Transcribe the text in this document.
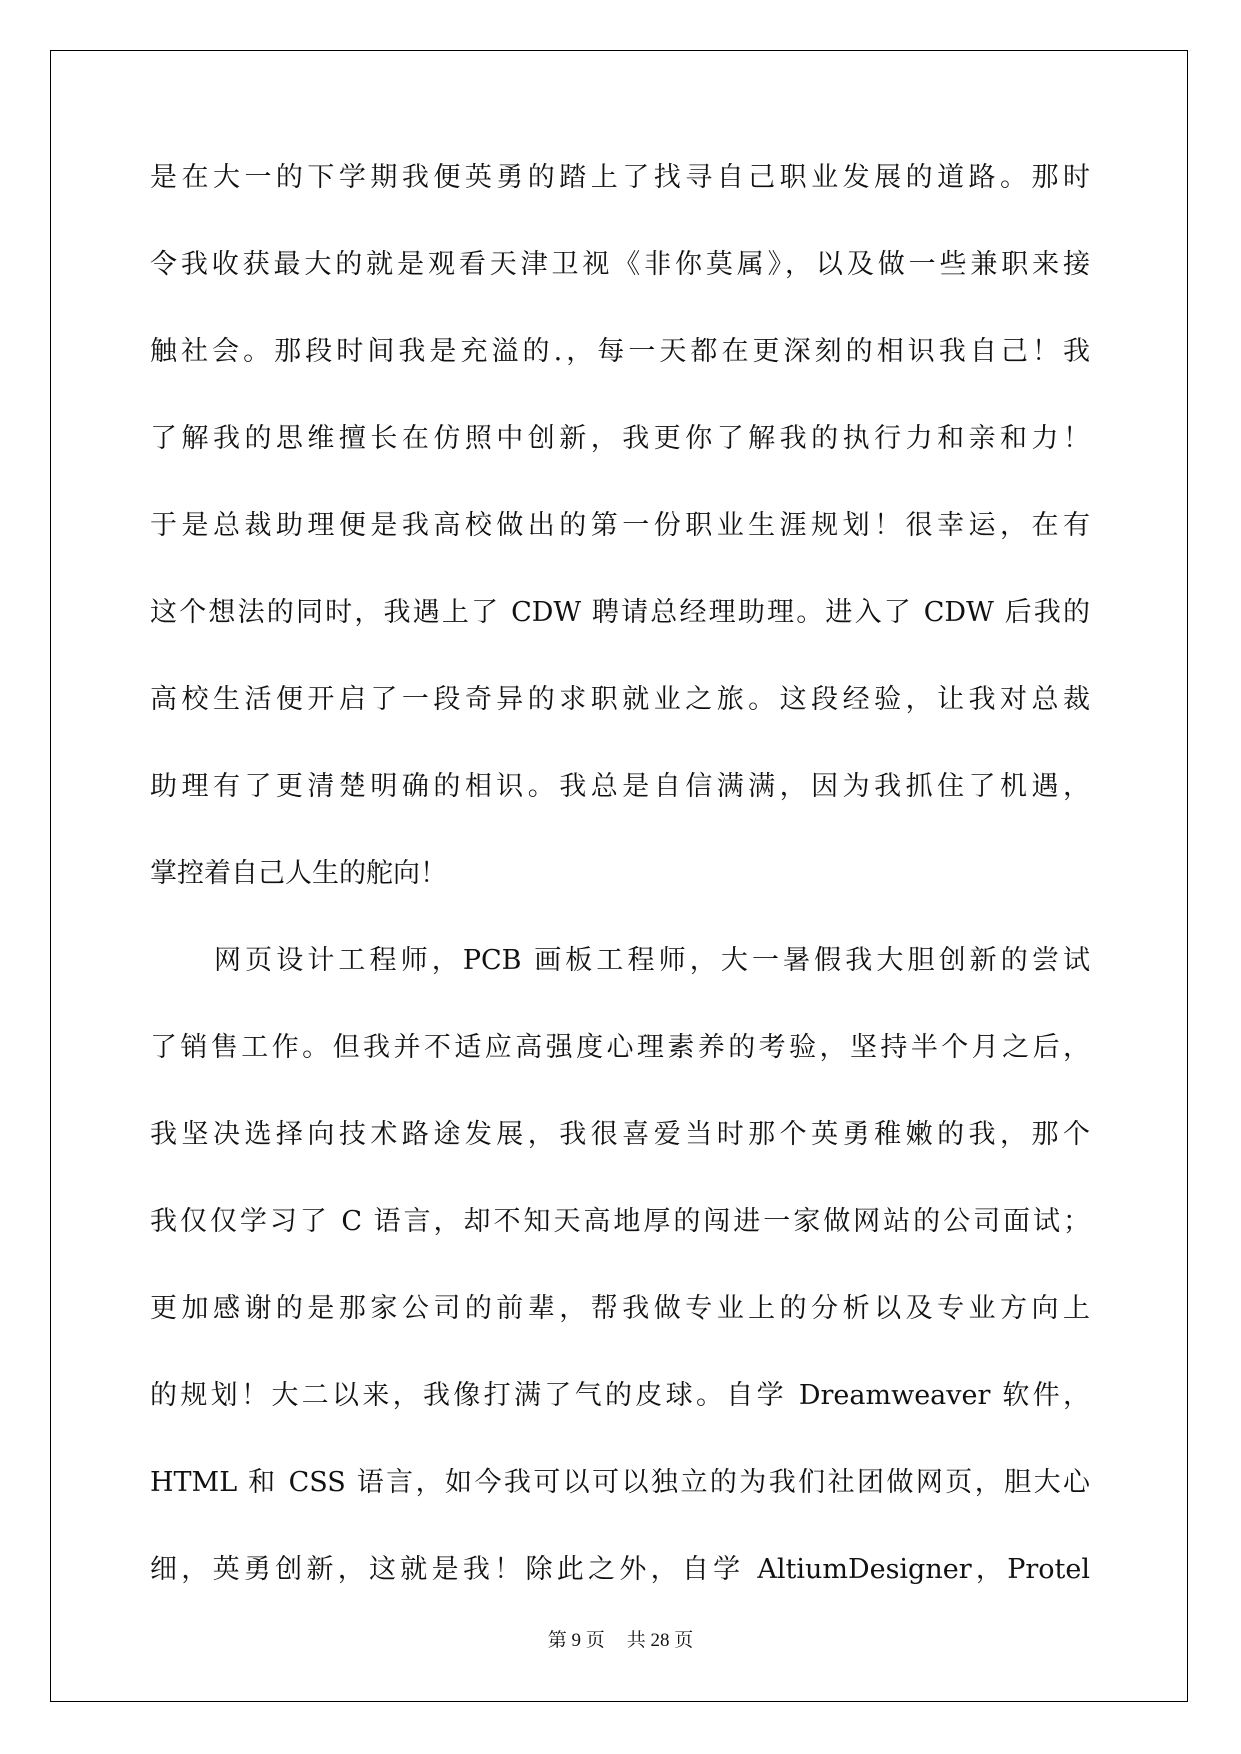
是在大一的下学期我便英勇的踏上了找寻自己职业发展的道路。那时

令我收获最大的就是观看天津卫视《非你莫属》，以及做一些兼职来接

触社会。那段时间我是充溢的.，每一天都在更深刻的相识我自己！我

了解我的思维擅长在仿照中创新，我更你了解我的执行力和亲和力！

于是总裁助理便是我高校做出的第一份职业生涯规划！很幸运，在有

这个想法的同时，我遇上了 CDW 聘请总经理助理。进入了 CDW 后我的

高校生活便开启了一段奇异的求职就业之旅。这段经验，让我对总裁

助理有了更清楚明确的相识。我总是自信满满，因为我抓住了机遇，

掌控着自己人生的舵向！

网页设计工程师，PCB 画板工程师，大一暑假我大胆创新的尝试

了销售工作。但我并不适应高强度心理素养的考验，坚持半个月之后，

我坚决选择向技术路途发展，我很喜爱当时那个英勇稚嫩的我，那个

我仅仅学习了 C 语言，却不知天高地厚的闯进一家做网站的公司面试；

更加感谢的是那家公司的前辈，帮我做专业上的分析以及专业方向上

的规划！大二以来，我像打满了气的皮球。自学 Dreamweaver 软件，

HTML 和 CSS 语言，如今我可以可以独立的为我们社团做网页，胆大心

细，英勇创新，这就是我！除此之外，自学 AltiumDesigner，Protel

第 9 页 共 28 页
